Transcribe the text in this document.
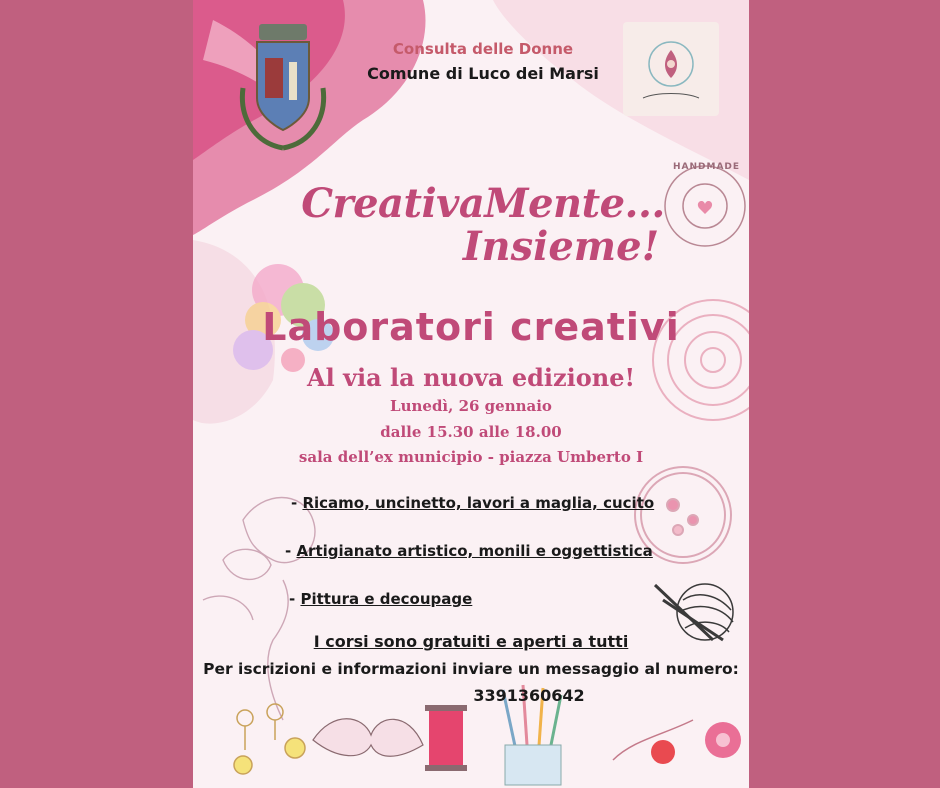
Consulta delle Donne
Comune di Luco dei Marsi
HANDMADE
CreativaMente...
Insieme!
Laboratori creativi
Al via la nuova edizione!
Lunedì, 26 gennaio
dalle 15.30 alle 18.00
sala dell’ex municipio - piazza Umberto I
- Ricamo, uncinetto, lavori a maglia, cucito
- Artigianato artistico, monili e oggettistica
- Pittura e decoupage
I corsi sono gratuiti e aperti a tutti
Per iscrizioni e informazioni inviare un messaggio al numero:
3391360642
